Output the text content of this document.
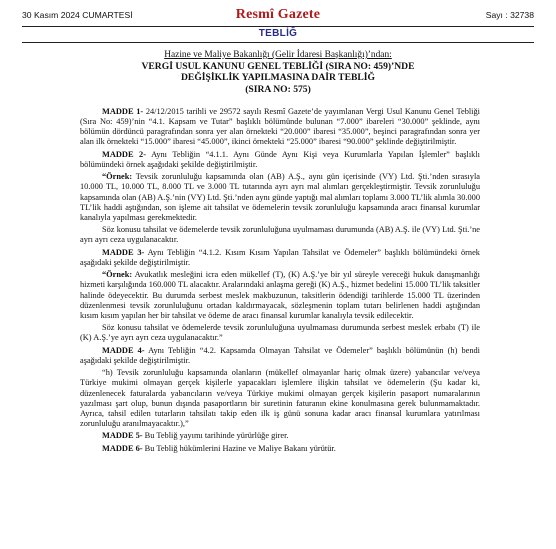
30 Kasım 2024 CUMARTESİ	Resmî Gazete	Sayı : 32738
TEBLİĞ
Hazine ve Maliye Bakanlığı (Gelir İdaresi Başkanlığı)’ndan:
VERGİ USUL KANUNU GENEL TEBLİĞİ (SIRA NO: 459)’NDE
DEĞİŞİKLİK YAPILMASINA DAİR TEBLİĞ
(SIRA NO: 575)

MADDE 1- 24/12/2015 tarihli ve 29572 sayılı Resmî Gazete’de yayımlanan Vergi Usul Kanunu Genel Tebliği (Sıra No: 459)’nin “4.1. Kapsam ve Tutar” başlıklı bölümünde bulunan “7.000” ibareleri “30.000” şeklinde, aynı bölümün dördüncü paragrafından sonra yer alan örnekteki “20.000” ibaresi “35.000”, beşinci paragrafından sonra yer alan ilk örnekteki “15.000” ibaresi “45.000”, ikinci örnekteki “25.000” ibaresi “90.000” şeklinde değiştirilmiştir.

MADDE 2- Aynı Tebliğin “4.1.1. Aynı Günde Aynı Kişi veya Kurumlarla Yapılan İşlemler” başlıklı bölümündeki örnek aşağıdaki şekilde değiştirilmiştir.

“Örnek: Tevsik zorunluluğu kapsamında olan (AB) A.Ş., aynı gün içerisinde (VY) Ltd. Şti.’nden sırasıyla 10.000 TL, 10.000 TL, 8.000 TL ve 3.000 TL tutarında ayrı ayrı mal alımları gerçekleştirmiştir. Tevsik zorunluluğu kapsamında olan (AB) A.Ş.’nin (VY) Ltd. Şti.’nden aynı günde yaptığı mal alımları toplamı 3.000 TL’lik alımla 30.000 TL’lik haddi aştığından, son işleme ait tahsilat ve ödemelerin tevsik zorunluluğu kapsamında aracı finansal kurumlar kanalıyla yapılması gerekmektedir.

Söz konusu tahsilat ve ödemelerde tevsik zorunluluğuna uyulmaması durumunda (AB) A.Ş. ile (VY) Ltd. Şti.’ne ayrı ayrı ceza uygulanacaktır.

MADDE 3- Aynı Tebliğin “4.1.2. Kısım Kısım Yapılan Tahsilat ve Ödemeler” başlıklı bölümündeki örnek aşağıdaki şekilde değiştirilmiştir.

“Örnek: Avukatlık mesleğini icra eden mükellef (T), (K) A.Ş.’ye bir yıl süreyle vereceği hukuk danışmanlığı hizmeti karşılığında 160.000 TL alacaktır. Aralarındaki anlaşma gereği (K) A.Ş., hizmet bedelini 15.000 TL’lik taksitler halinde ödeyecektir. Bu durumda serbest meslek makbuzunun, taksitlerin ödendiği tarihlerde 15.000 TL üzerinden düzenlenmesi tevsik zorunluluğunu ortadan kaldırmayacak, sözleşmenin toplam tutarı belirlenen haddi aştığından kısım kısım yapılan her bir tahsilat ve ödeme de aracı finansal kurumlar kanalıyla tevsik edilecektir.

Söz konusu tahsilat ve ödemelerde tevsik zorunluluğuna uyulmaması durumunda serbest meslek erbabı (T) ile (K) A.Ş.’ye ayrı ayrı ceza uygulanacaktır.”

MADDE 4- Aynı Tebliğin “4.2. Kapsamda Olmayan Tahsilat ve Ödemeler” başlıklı bölümünün (h) bendi aşağıdaki şekilde değiştirilmiştir.

“h) Tevsik zorunluluğu kapsamında olanların (mükellef olmayanlar hariç olmak üzere) yabancılar ve/veya Türkiye mukimi olmayan gerçek kişilerle yapacakları işlemlere ilişkin tahsilat ve ödemelerin (Şu kadar ki, düzenlenecek faturalarda yabancıların ve/veya Türkiye mukimi olmayan gerçek kişilerin pasaport numaralarının yazılması şart olup, bunun dışında pasaportların bir suretinin faturanın ekine konulmasına gerek bulunmamaktadır. Ayrıca, tahsil edilen tutarların tahsilatı takip eden ilk iş günü sonuna kadar aracı finansal kurumlara yatırılması zorunluluğu aranılmayacaktır.),”

MADDE 5- Bu Tebliğ yayımı tarihinde yürürlüğe girer.

MADDE 6- Bu Tebliğ hükümlerini Hazine ve Maliye Bakanı yürütür.
